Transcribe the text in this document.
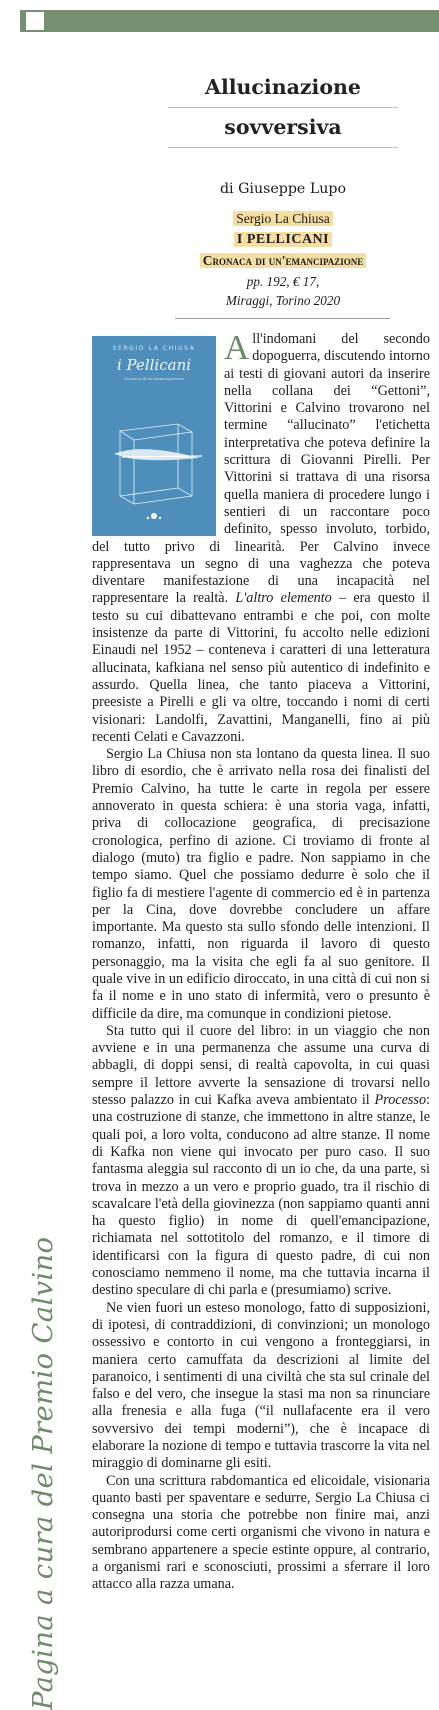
Pagina a cura del Premio Calvino
Allucinazione
sovversiva
di Giuseppe Lupo
Sergio La Chiusa
I PELLICANI
Cronaca di un'emancipazione
pp. 192, € 17,
Miraggi, Torino 2020
SERGIO LA CHIUSA
i Pellicani
Cronaca di un'emancipazione

All'indomani del secondo dopoguerra, discutendo intorno ai testi di giovani autori da inserire nella collana dei “Gettoni”, Vittorini e Calvino trovarono nel termine “allucinato” l'etichetta interpretativa che poteva definire la scrittura di Giovanni Pirelli. Per Vittorini si trattava di una risorsa quella maniera di procedere lungo i sentieri di un raccontare poco definito, spesso involuto, torbido, del tutto privo di linearità. Per Calvino invece rappresentava un segno di una vaghezza che poteva diventare manifestazione di una incapacità nel rappresentare la realtà. L'altro elemento – era questo il testo su cui dibattevano entrambi e che poi, con molte insistenze da parte di Vittorini, fu accolto nelle edizioni Einaudi nel 1952 – conteneva i caratteri di una letteratura allucinata, kafkiana nel senso più autentico di indefinito e assurdo. Quella linea, che tanto piaceva a Vittorini, preesiste a Pirelli e gli va oltre, toccando i nomi di certi visionari: Landolfi, Zavattini, Manganelli, fino ai più recenti Celati e Cavazzoni.

Sergio La Chiusa non sta lontano da questa linea. Il suo libro di esordio, che è arrivato nella rosa dei finalisti del Premio Calvino, ha tutte le carte in regola per essere annoverato in questa schiera: è una storia vaga, infatti, priva di collocazione geografica, di precisazione cronologica, perfino di azione. Ci troviamo di fronte al dialogo (muto) tra figlio e padre. Non sappiamo in che tempo siamo. Quel che possiamo dedurre è solo che il figlio fa di mestiere l'agente di commercio ed è in partenza per la Cina, dove dovrebbe concludere un affare importante. Ma questo sta sullo sfondo delle intenzioni. Il romanzo, infatti, non riguarda il lavoro di questo personaggio, ma la visita che egli fa al suo genitore. Il quale vive in un edificio diroccato, in una città di cui non si fa il nome e in uno stato di infermità, vero o presunto è difficile da dire, ma comunque in condizioni pietose.

Sta tutto qui il cuore del libro: in un viaggio che non avviene e in una permanenza che assume una curva di abbagli, di doppi sensi, di realtà capovolta, in cui quasi sempre il lettore avverte la sensazione di trovarsi nello stesso palazzo in cui Kafka aveva ambientato il Processo: una costruzione di stanze, che immettono in altre stanze, le quali poi, a loro volta, conducono ad altre stanze. Il nome di Kafka non viene qui invocato per puro caso. Il suo fantasma aleggia sul racconto di un io che, da una parte, si trova in mezzo a un vero e proprio guado, tra il rischio di scavalcare l'età della giovinezza (non sappiamo quanti anni ha questo figlio) in nome di quell'emancipazione, richiamata nel sottotitolo del romanzo, e il timore di identificarsi con la figura di questo padre, di cui non conosciamo nemmeno il nome, ma che tuttavia incarna il destino speculare di chi parla e (presumiamo) scrive.

Ne vien fuori un esteso monologo, fatto di supposizioni, di ipotesi, di contraddizioni, di convinzioni; un monologo ossessivo e contorto in cui vengono a fronteggiarsi, in maniera certo camuffata da descrizioni al limite del paranoico, i sentimenti di una civiltà che sta sul crinale del falso e del vero, che insegue la stasi ma non sa rinunciare alla frenesia e alla fuga (“il nullafacente era il vero sovversivo dei tempi moderni”), che è incapace di elaborare la nozione di tempo e tuttavia trascorre la vita nel miraggio di dominarne gli esiti.

Con una scrittura rabdomantica ed elicoidale, visionaria quanto basti per spaventare e sedurre, Sergio La Chiusa ci consegna una storia che potrebbe non finire mai, anzi autoriprodursi come certi organismi che vivono in natura e sembrano appartenere a specie estinte oppure, al contrario, a organismi rari e sconosciuti, prossimi a sferrare il loro attacco alla razza umana.
